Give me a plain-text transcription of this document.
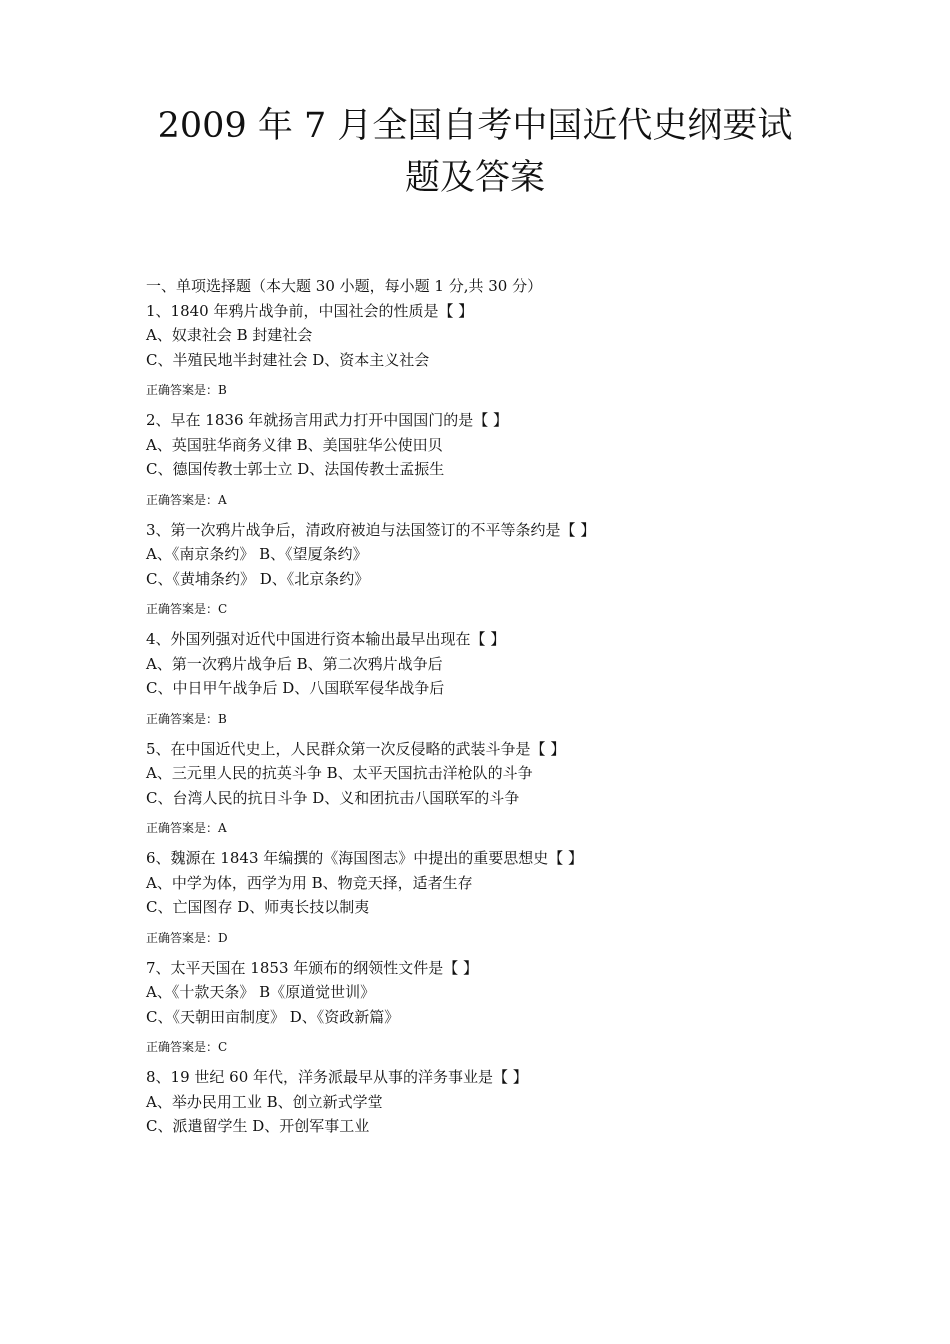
2009 年 7 月全国自考中国近代史纲要试
题及答案
一、单项选择题（本大题 30 小题，每小题 1 分,共 30 分）
1、1840 年鸦片战争前，中国社会的性质是【 】
A、奴隶社会 B 封建社会
C、半殖民地半封建社会 D、资本主义社会
正确答案是：B
2、早在 1836 年就扬言用武力打开中国国门的是【 】
A、英国驻华商务义律 B、美国驻华公使田贝
C、德国传教士郭士立 D、法国传教士孟振生
正确答案是：A
3、第一次鸦片战争后，清政府被迫与法国签订的不平等条约是【 】
A、《南京条约》 B、《望厦条约》
C、《黄埔条约》 D、《北京条约》
正确答案是：C
4、外国列强对近代中国进行资本输出最早出现在【 】
A、第一次鸦片战争后 B、第二次鸦片战争后
C、中日甲午战争后 D、八国联军侵华战争后
正确答案是：B
5、在中国近代史上，人民群众第一次反侵略的武装斗争是【 】
A、三元里人民的抗英斗争 B、太平天国抗击洋枪队的斗争
C、台湾人民的抗日斗争 D、义和团抗击八国联军的斗争
正确答案是：A
6、魏源在 1843 年编撰的《海国图志》中提出的重要思想史【 】
A、中学为体，西学为用 B、物竞天择，适者生存
C、亡国图存 D、师夷长技以制夷
正确答案是：D
7、太平天国在 1853 年颁布的纲领性文件是【 】
A、《十款天条》 B《原道觉世训》
C、《天朝田亩制度》 D、《资政新篇》
正确答案是：C
8、19 世纪 60 年代，洋务派最早从事的洋务事业是【 】
A、举办民用工业 B、创立新式学堂
C、派遣留学生 D、开创军事工业
